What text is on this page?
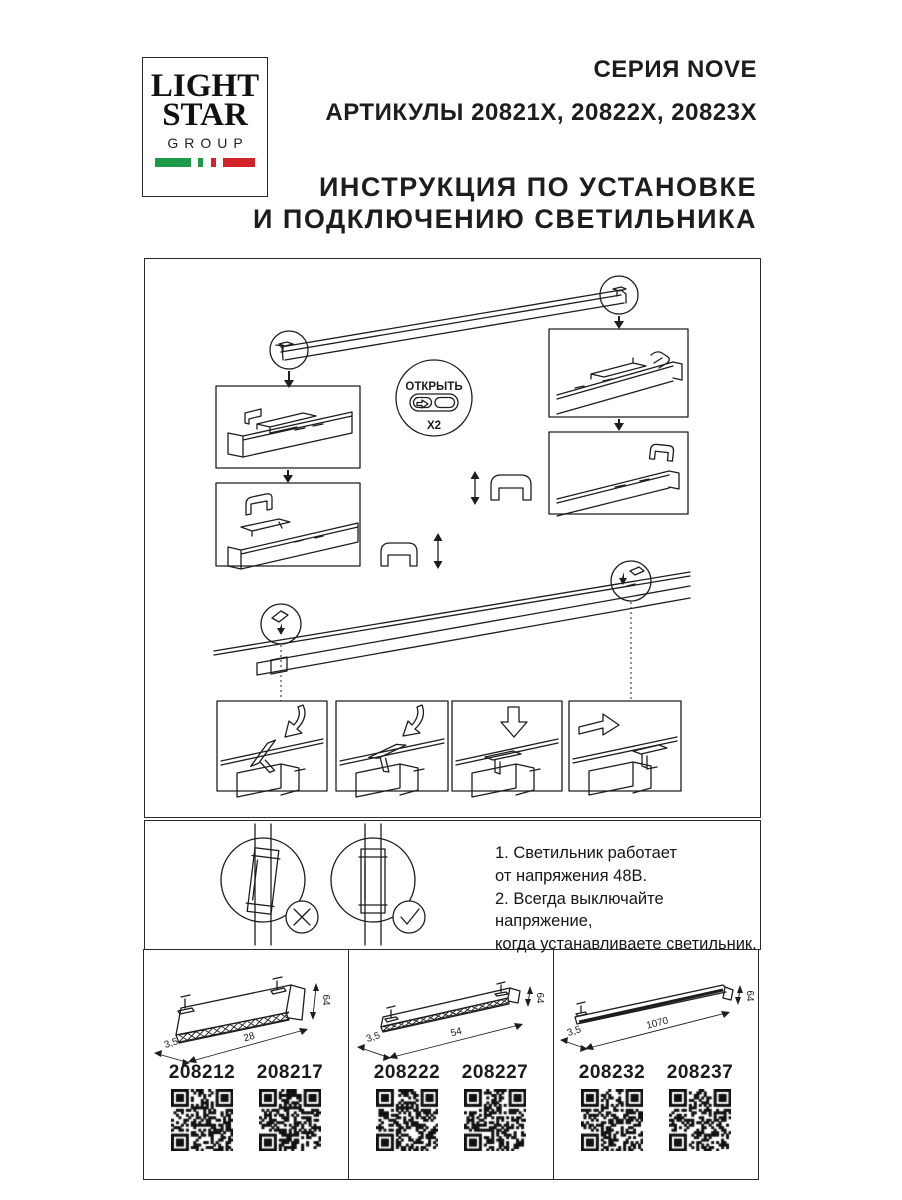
LIGHT
STAR
GROUP
СЕРИЯ NOVE
АРТИКУЛЫ 20821X, 20822X, 20823X
ИНСТРУКЦИЯ ПО УСТАНОВКЕ
И ПОДКЛЮЧЕНИЮ СВЕТИЛЬНИКА
ОТКРЫТЬ
X2
1. Светильник работает
от напряжения 48В.
2. Всегда выключайте напряжение,
когда устанавливаете светильник.
64
28
3,5
208212	208217
64
54
3,5
208222	208227
64
1070
3,5
208232	208237
